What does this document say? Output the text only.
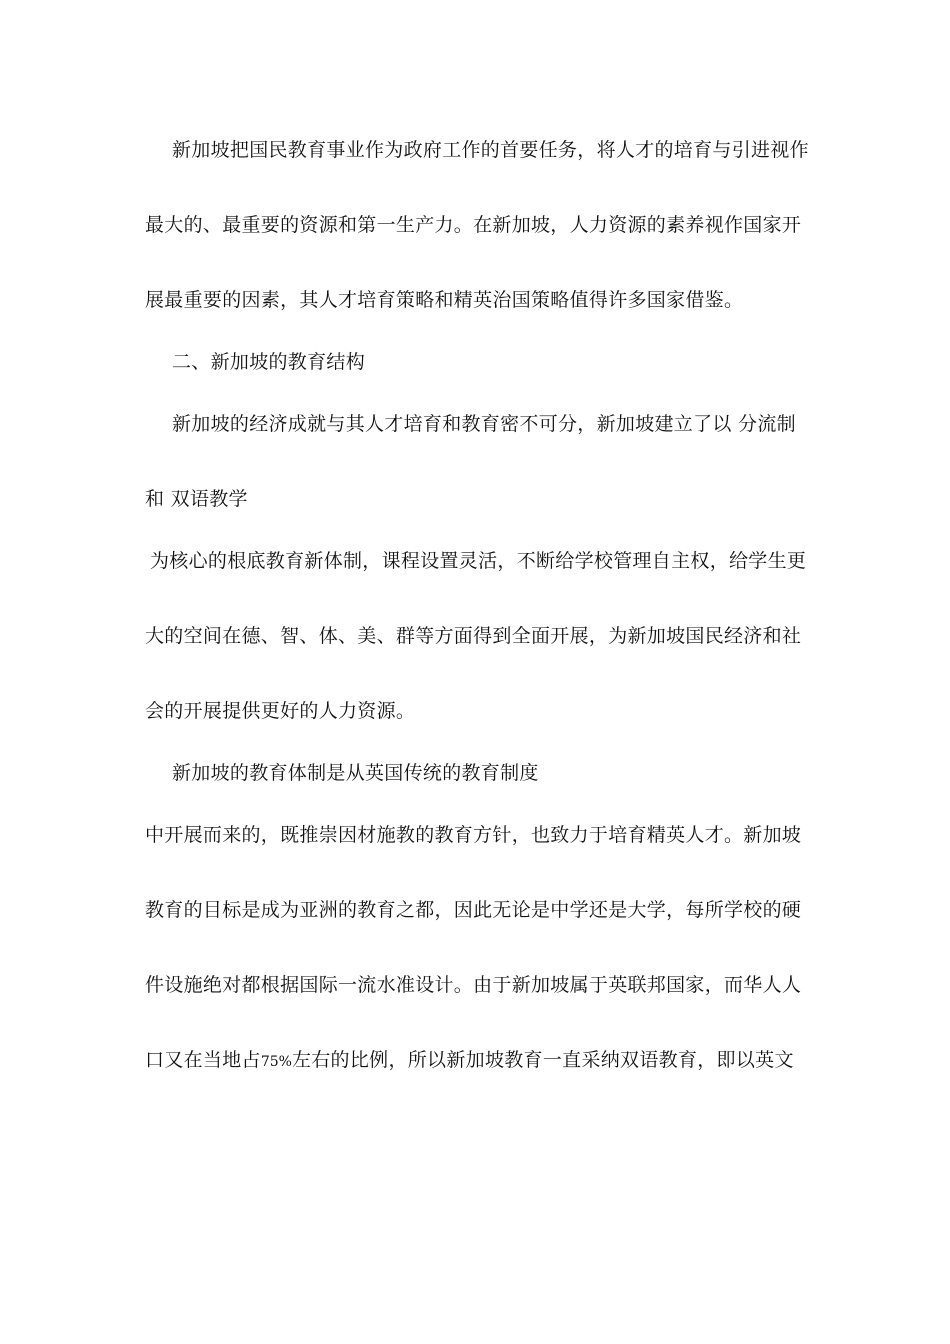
新加坡把国民教育事业作为政府工作的首要任务，将人才的培育与引进视作
最大的、最重要的资源和第一生产力。在新加坡，人力资源的素养视作国家开
展最重要的因素，其人才培育策略和精英治国策略值得许多国家借鉴。
二、新加坡的教育结构
新加坡的经济成就与其人才培育和教育密不可分，新加坡建立了以 分流制
和 双语教学
为核心的根底教育新体制，课程设置灵活，不断给学校管理自主权，给学生更
大的空间在德、智、体、美、群等方面得到全面开展，为新加坡国民经济和社
会的开展提供更好的人力资源。
新加坡的教育体制是从英国传统的教育制度
中开展而来的，既推崇因材施教的教育方针，也致力于培育精英人才。新加坡
教育的目标是成为亚洲的教育之都，因此无论是中学还是大学，每所学校的硬
件设施绝对都根据国际一流水准设计。由于新加坡属于英联邦国家，而华人人
口又在当地占75%左右的比例，所以新加坡教育一直采纳双语教育，即以英文
